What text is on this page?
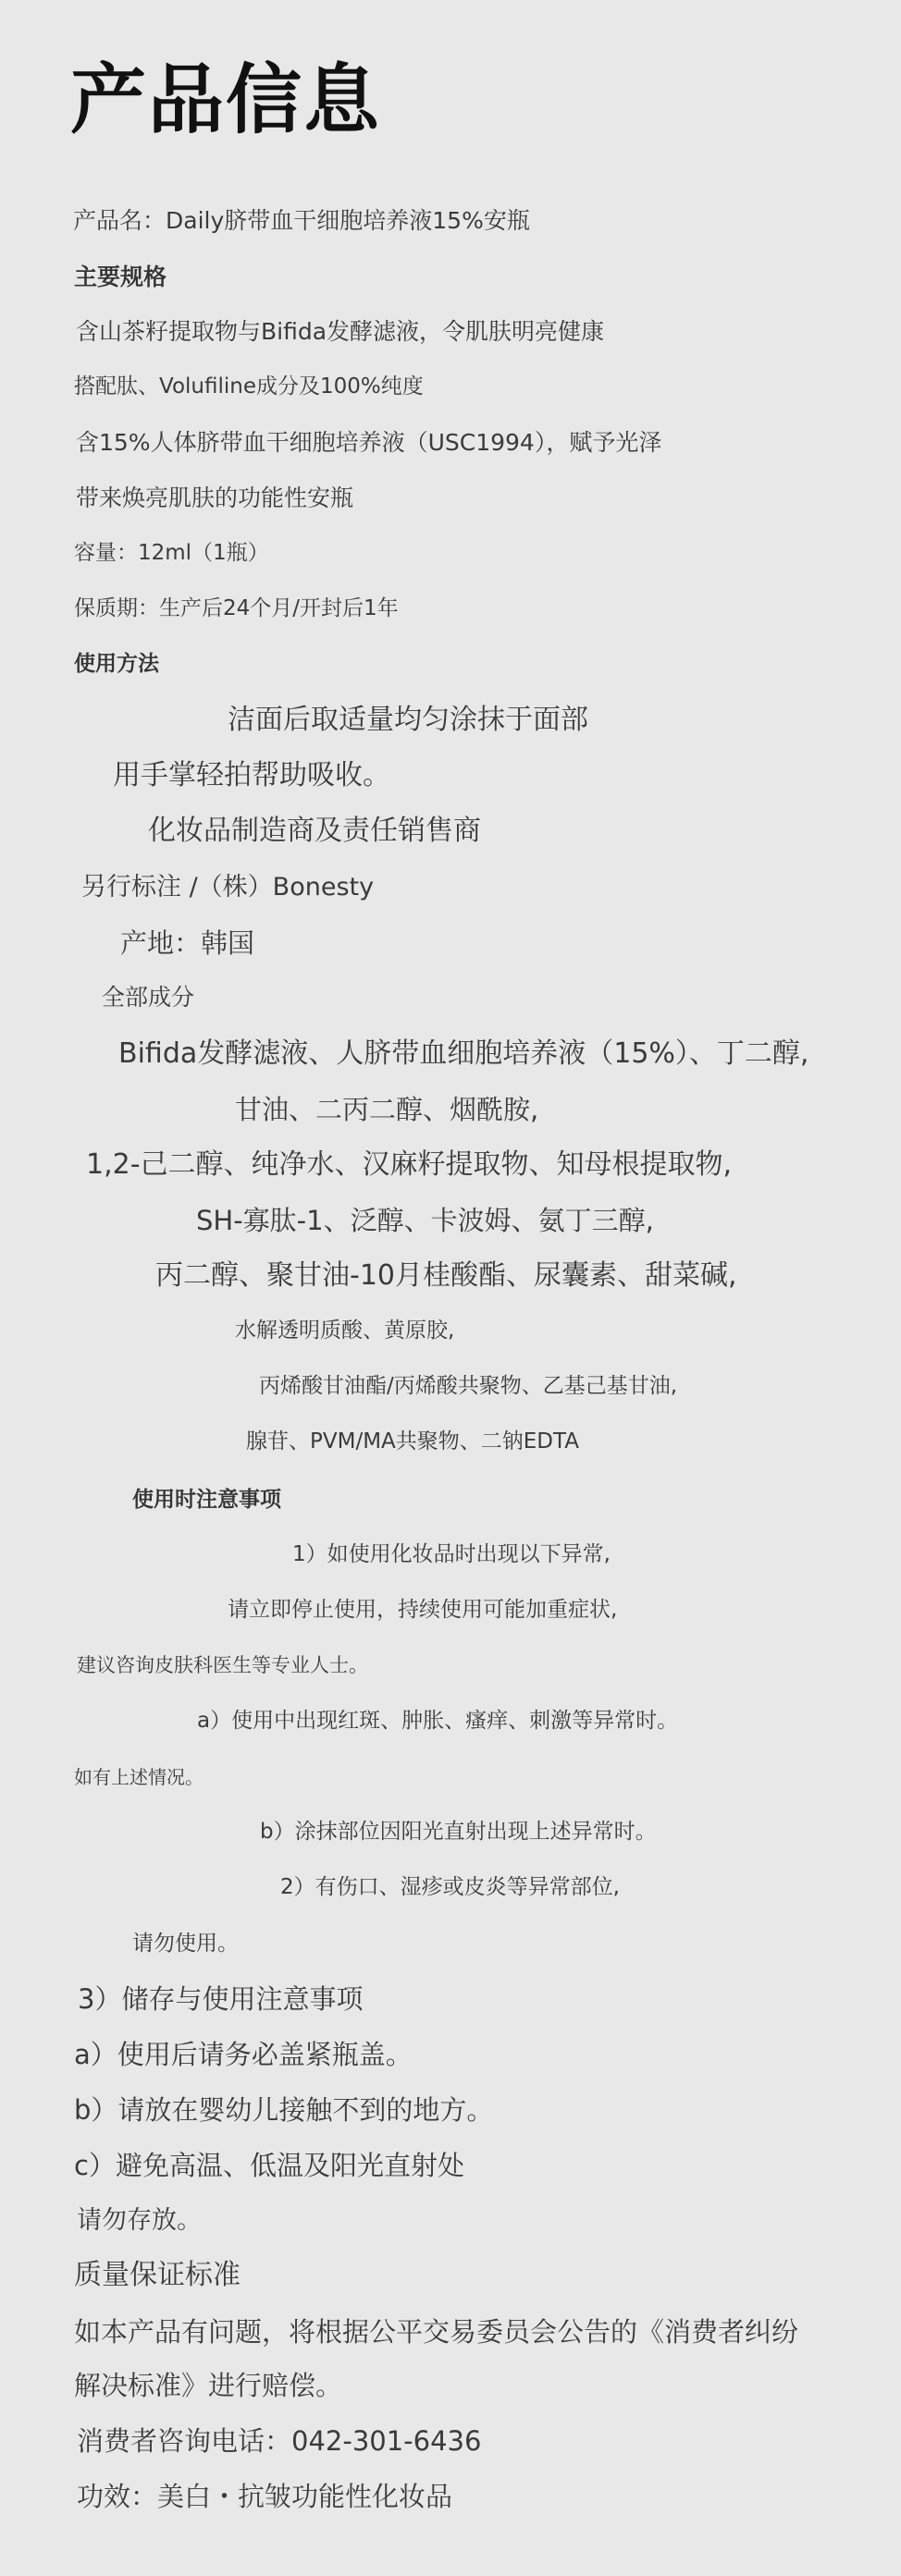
产品信息
产品名：Daily脐带血干细胞培养液15%安瓶
主要规格
含山茶籽提取物与Bifida发酵滤液，令肌肤明亮健康
搭配肽、Volufiline成分及100%纯度
含15%人体脐带血干细胞培养液（USC1994），赋予光泽
带来焕亮肌肤的功能性安瓶
容量：12ml（1瓶）
保质期：生产后24个月/开封后1年
使用方法
洁面后取适量均匀涂抹于面部
用手掌轻拍帮助吸收。
化妆品制造商及责任销售商
另行标注 /（株）Bonesty
产地：韩国
全部成分
Bifida发酵滤液、人脐带血细胞培养液（15%）、丁二醇,
甘油、二丙二醇、烟酰胺,
1,2-己二醇、纯净水、汉麻籽提取物、知母根提取物,
SH-寡肽-1、泛醇、卡波姆、氨丁三醇,
丙二醇、聚甘油-10月桂酸酯、尿囊素、甜菜碱,
水解透明质酸、黄原胶,
丙烯酸甘油酯/丙烯酸共聚物、乙基己基甘油,
腺苷、PVM/MA共聚物、二钠EDTA
使用时注意事项
1）如使用化妆品时出现以下异常,
请立即停止使用，持续使用可能加重症状,
建议咨询皮肤科医生等专业人士。
a）使用中出现红斑、肿胀、瘙痒、刺激等异常时。
如有上述情况。
b）涂抹部位因阳光直射出现上述异常时。
2）有伤口、湿疹或皮炎等异常部位,
请勿使用。
3）储存与使用注意事项
a）使用后请务必盖紧瓶盖。
b）请放在婴幼儿接触不到的地方。
c）避免高温、低温及阳光直射处
请勿存放。
质量保证标准
如本产品有问题，将根据公平交易委员会公告的《消费者纠纷
解决标准》进行赔偿。
消费者咨询电话：042-301-6436
功效：美白・抗皱功能性化妆品
